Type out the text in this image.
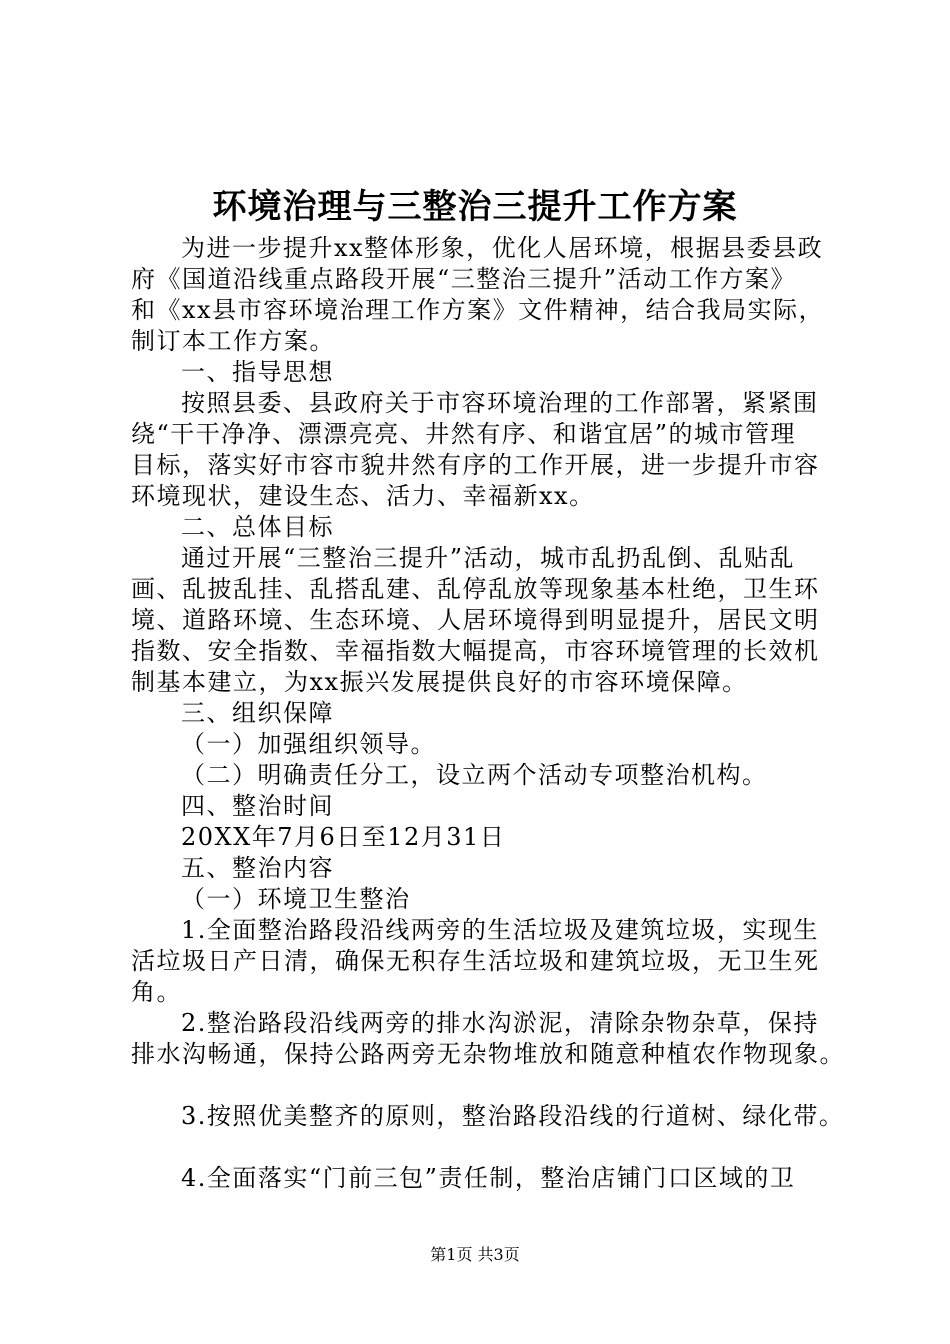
环境治理与三整治三提升工作方案
为进一步提升xx整体形象，优化人居环境，根据县委县政
府《国道沿线重点路段开展“三整治三提升”活动工作方案》
和《xx县市容环境治理工作方案》文件精神，结合我局实际，
制订本工作方案。
一、指导思想
按照县委、县政府关于市容环境治理的工作部署，紧紧围
绕“干干净净、漂漂亮亮、井然有序、和谐宜居”的城市管理
目标，落实好市容市貌井然有序的工作开展，进一步提升市容
环境现状，建设生态、活力、幸福新xx。
二、总体目标
通过开展“三整治三提升”活动，城市乱扔乱倒、乱贴乱
画、乱披乱挂、乱搭乱建、乱停乱放等现象基本杜绝，卫生环
境、道路环境、生态环境、人居环境得到明显提升，居民文明
指数、安全指数、幸福指数大幅提高，市容环境管理的长效机
制基本建立，为xx振兴发展提供良好的市容环境保障。
三、组织保障
（一）加强组织领导。
（二）明确责任分工，设立两个活动专项整治机构。
四、整治时间
20XX年7月6日至12月31日
五、整治内容
（一）环境卫生整治
1.全面整治路段沿线两旁的生活垃圾及建筑垃圾，实现生
活垃圾日产日清，确保无积存生活垃圾和建筑垃圾，无卫生死
角。
2.整治路段沿线两旁的排水沟淤泥，清除杂物杂草，保持
排水沟畅通，保持公路两旁无杂物堆放和随意种植农作物现象。
3.按照优美整齐的原则，整治路段沿线的行道树、绿化带。
4.全面落实“门前三包”责任制，整治店铺门口区域的卫
第1页 共3页
